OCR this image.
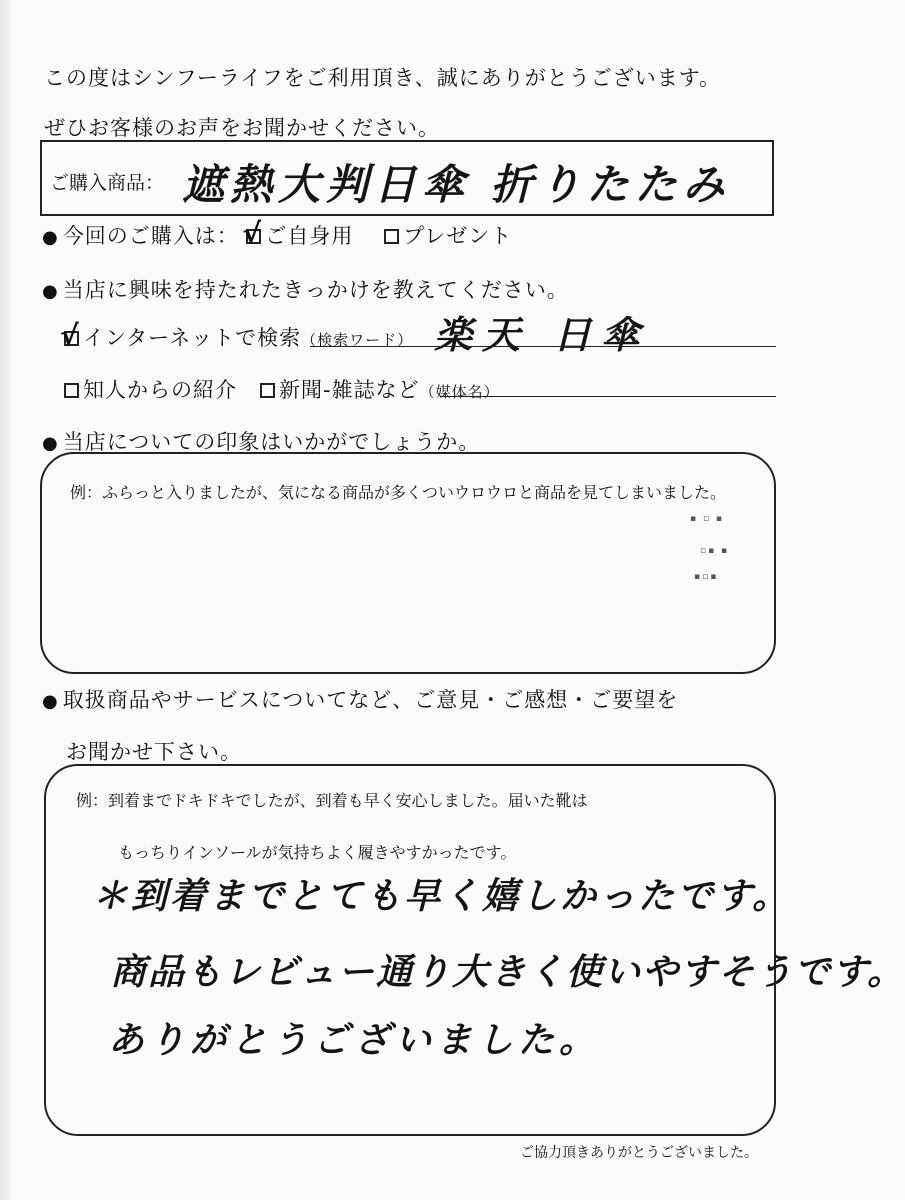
この度はシンフーライフをご利用頂き、誠にありがとうございます。
ぜひお客様のお声をお聞かせください。
ご購入商品： 遮熱大判日傘 折りたたみ
● 今回のご購入は： √ ご自身用 プレゼント
● 当店に興味を持たれたきっかけを教えてください。
√ インターネットで検索（検索ワード） 楽天 日傘
知人からの紹介 新聞-雑誌など（媒体名）
● 当店についての印象はいかがでしょうか。
例：ふらっと入りましたが、気になる商品が多くついウロウロと商品を見てしまいました。
▪ ▫ ▪
▫▪ ▪
▪▫▪
● 取扱商品やサービスについてなど、ご意見・ご感想・ご要望を
お聞かせ下さい。
例：到着までドキドキでしたが、到着も早く安心しました。届いた靴は
もっちりインソールが気持ちよく履きやすかったです。
＊到着までとても早く嬉しかったです。
商品もレビュー通り大きく使いやすそうです。
ありがとうございました。
ご協力頂きありがとうございました。
